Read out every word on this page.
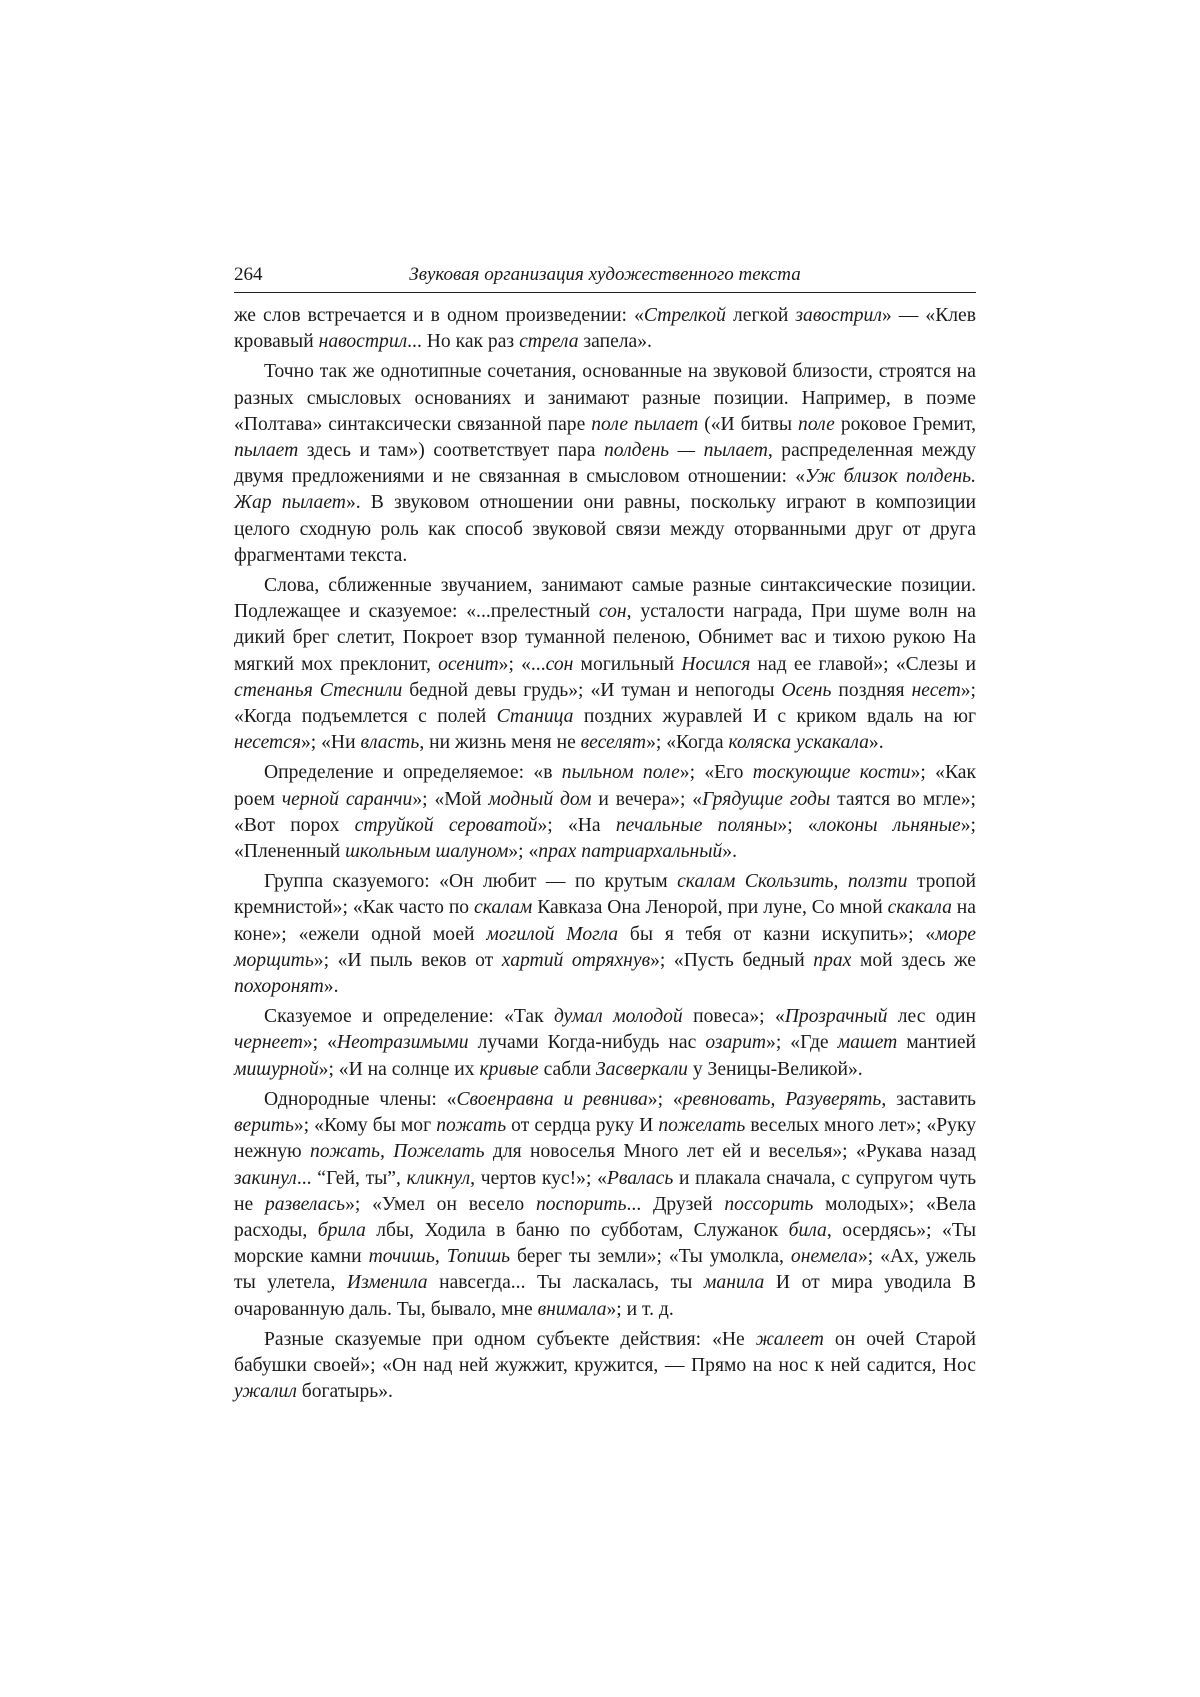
264	Звуковая организация художественного текста

же слов встречается и в одном произведении: «Стрелкой легкой завострил» — «Клев кровавый навострил... Но как раз стрела запела».

Точно так же однотипные сочетания, основанные на звуковой близости, строятся на разных смысловых основаниях и занимают разные позиции. Например, в поэме «Полтава» синтаксически связанной паре поле пылает («И битвы поле роковое Гремит, пылает здесь и там») соответствует пара полдень — пылает, распределенная между двумя предложениями и не связанная в смысловом отношении: «Уж близок полдень. Жар пылает». В звуковом отношении они равны, поскольку играют в композиции целого сходную роль как способ звуковой связи между оторванными друг от друга фрагментами текста.

Слова, сближенные звучанием, занимают самые разные синтаксические позиции. Подлежащее и сказуемое: «...прелестный сон, усталости награда, При шуме волн на дикий брег слетит, Покроет взор туманной пеленою, Обнимет вас и тихою рукою На мягкий мох преклонит, осенит»; «...сон могильный Носился над ее главой»; «Слезы и стенанья Стеснили бедной девы грудь»; «И туман и непогоды Осень поздняя несет»; «Когда подъемлется с полей Станица поздних журавлей И с криком вдаль на юг несется»; «Ни власть, ни жизнь меня не веселят»; «Когда коляска ускакала».

Определение и определяемое: «в пыльном поле»; «Его тоскующие кости»; «Как роем черной саранчи»; «Мой модный дом и вечера»; «Грядущие годы таятся во мгле»; «Вот порох струйкой сероватой»; «На печальные поляны»; «локоны льняные»; «Плененный школьным шалуном»; «прах патриархальный».

Группа сказуемого: «Он любит — по крутым скалам Скользить, ползти тропой кремнистой»; «Как часто по скалам Кавказа Она Ленорой, при луне, Со мной скакала на коне»; «ежели одной моей могилой Могла бы я тебя от казни искупить»; «море морщить»; «И пыль веков от хартий отряхнув»; «Пусть бедный прах мой здесь же похоронят».

Сказуемое и определение: «Так думал молодой повеса»; «Прозрачный лес один чернеет»; «Неотразимыми лучами Когда-нибудь нас озарит»; «Где машет мантией мишурной»; «И на солнце их кривые сабли Засверкали у Зеницы-Великой».

Однородные члены: «Своенравна и ревнива»; «ревновать, Разуверять, заставить верить»; «Кому бы мог пожать от сердца руку И пожелать веселых много лет»; «Руку нежную пожать, Пожелать для новоселья Много лет ей и веселья»; «Рукава назад закинул... “Гей, ты”, кликнул, чертов кус!»; «Рвалась и плакала сначала, с супругом чуть не развелась»; «Умел он весело поспорить... Друзей поссорить молодых»; «Вела расходы, брила лбы, Ходила в баню по субботам, Служанок била, осердясь»; «Ты морские камни точишь, Топишь берег ты земли»; «Ты умолкла, онемела»; «Ах, ужель ты улетела, Изменила навсегда... Ты ласкалась, ты манила И от мира уводила В очарованную даль. Ты, бывало, мне внимала»; и т. д.

Разные сказуемые при одном субъекте действия: «Не жалеет он очей Старой бабушки своей»; «Он над ней жужжит, кружится, — Прямо на нос к ней садится, Нос ужалил богатырь».
